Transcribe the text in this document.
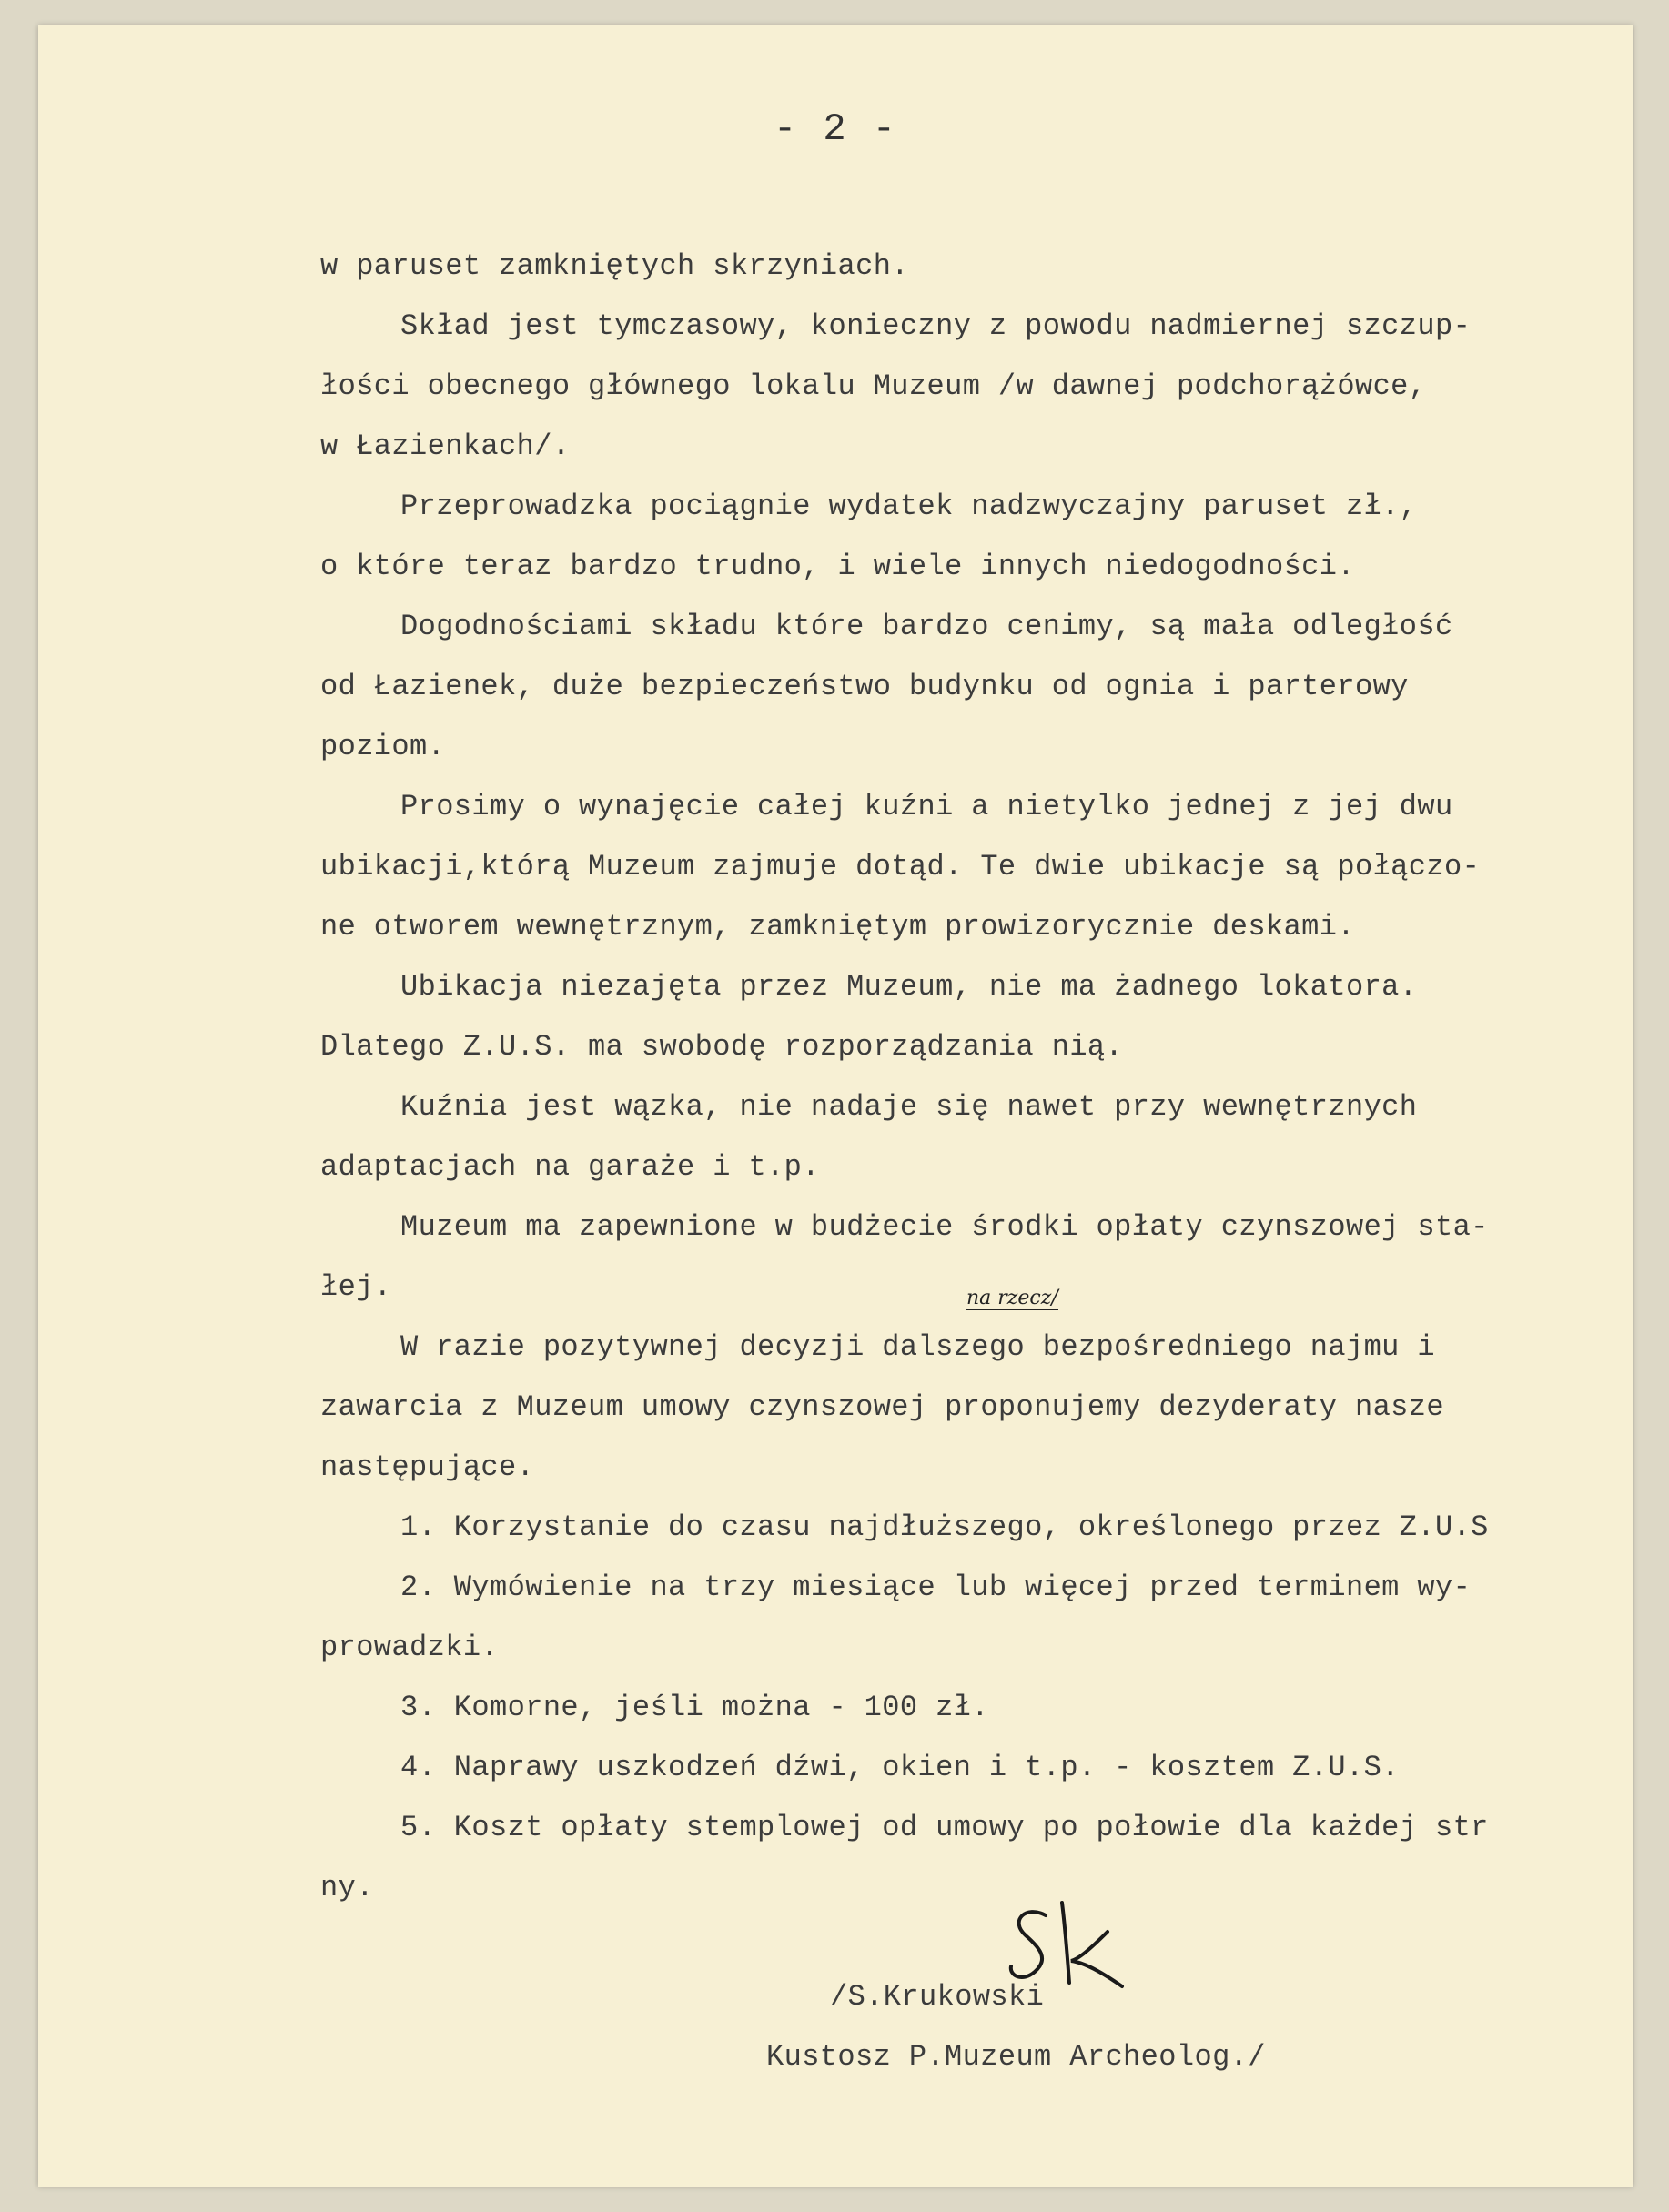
- 2 -
w paruset zamkniętych skrzyniach.
Skład jest tymczasowy, konieczny z powodu nadmiernej szczup-
łości obecnego głównego lokalu Muzeum /w dawnej podchorążówce,
w Łazienkach/.
Przeprowadzka pociągnie wydatek nadzwyczajny paruset zł.,
o które teraz bardzo trudno, i wiele innych niedogodności.
Dogodnościami składu które bardzo cenimy, są mała odległość
od Łazienek, duże bezpieczeństwo budynku od ognia i parterowy
poziom.
Prosimy o wynajęcie całej kuźni a nietylko jednej z jej dwu
ubikacji,którą Muzeum zajmuje dotąd. Te dwie ubikacje są połączo-
ne otworem wewnętrznym, zamkniętym prowizorycznie deskami.
Ubikacja niezajęta przez Muzeum, nie ma żadnego lokatora.
Dlatego Z.U.S. ma swobodę rozporządzania nią.
Kuźnia jest wązka, nie nadaje się nawet przy wewnętrznych
adaptacjach na garaże i t.p.
Muzeum ma zapewnione w budżecie środki opłaty czynszowej sta-
łej.
W razie pozytywnej decyzji dalszego bezpośredniego najmu i
zawarcia z Muzeum umowy czynszowej proponujemy dezyderaty nasze
następujące.
1. Korzystanie do czasu najdłuższego, określonego przez Z.U.S
2. Wymówienie na trzy miesiące lub więcej przed terminem wy-
prowadzki.
3. Komorne, jeśli można - 100 zł.
4. Naprawy uszkodzeń dźwi, okien i t.p. - kosztem Z.U.S.
5. Koszt opłaty stemplowej od umowy po połowie dla każdej str
ny.
/S.Krukowski
Kustosz P.Muzeum Archeolog./
na rzecz/
